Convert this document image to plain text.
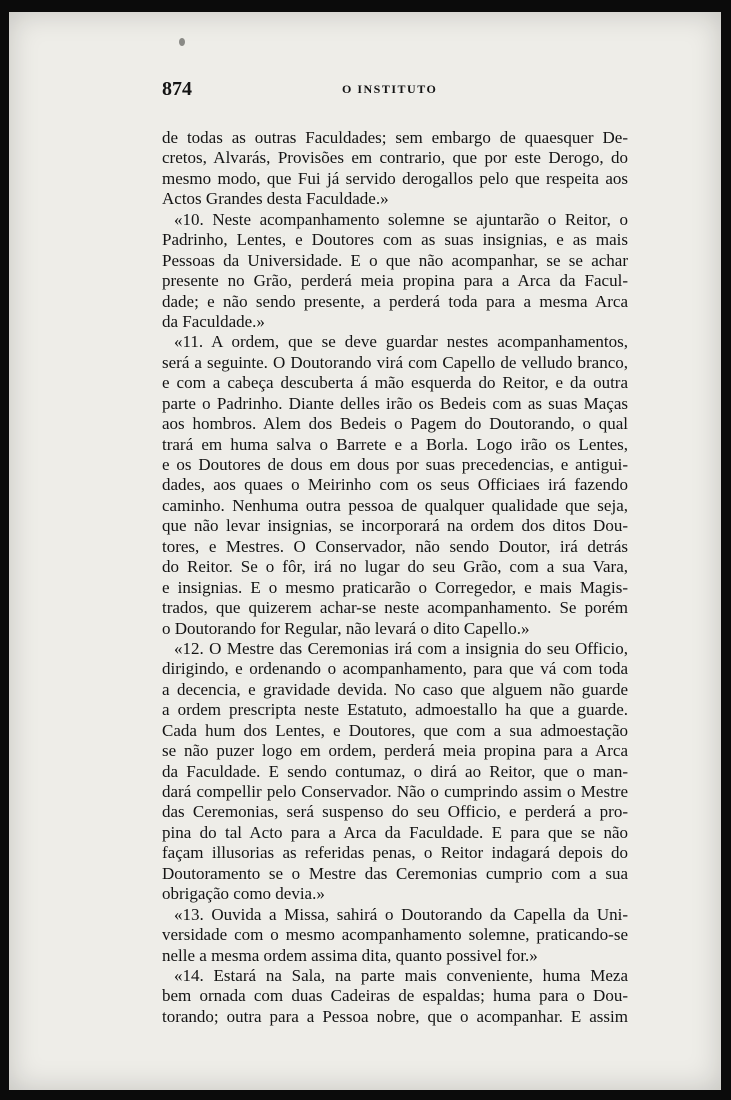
874	O INSTITUTO
de todas as outras Faculdades; sem embargo de quaesquer De-
cretos, Alvarás, Provisões em contrario, que por este Derogo, do
mesmo modo, que Fui já servido derogallos pelo que respeita aos
Actos Grandes desta Faculdade.»
«10. Neste acompanhamento solemne se ajuntarão o Reitor, o
Padrinho, Lentes, e Doutores com as suas insignias, e as mais
Pessoas da Universidade. E o que não acompanhar, se se achar
presente no Grão, perderá meia propina para a Arca da Facul-
dade; e não sendo presente, a perderá toda para a mesma Arca
da Faculdade.»
«11. A ordem, que se deve guardar nestes acompanhamentos,
será a seguinte. O Doutorando virá com Capello de velludo branco,
e com a cabeça descuberta á mão esquerda do Reitor, e da outra
parte o Padrinho. Diante delles irão os Bedeis com as suas Maças
aos hombros. Alem dos Bedeis o Pagem do Doutorando, o qual
trará em huma salva o Barrete e a Borla. Logo irão os Lentes,
e os Doutores de dous em dous por suas precedencias, e antigui-
dades, aos quaes o Meirinho com os seus Officiaes irá fazendo
caminho. Nenhuma outra pessoa de qualquer qualidade que seja,
que não levar insignias, se incorporará na ordem dos ditos Dou-
tores, e Mestres. O Conservador, não sendo Doutor, irá detrás
do Reitor. Se o fôr, irá no lugar do seu Grão, com a sua Vara,
e insignias. E o mesmo praticarão o Corregedor, e mais Magis-
trados, que quizerem achar-se neste acompanhamento. Se porém
o Doutorando for Regular, não levará o dito Capello.»
«12. O Mestre das Ceremonias irá com a insignia do seu Officio,
dirigindo, e ordenando o acompanhamento, para que vá com toda
a decencia, e gravidade devida. No caso que alguem não guarde
a ordem prescripta neste Estatuto, admoestallo ha que a guarde.
Cada hum dos Lentes, e Doutores, que com a sua admoestação
se não puzer logo em ordem, perderá meia propina para a Arca
da Faculdade. E sendo contumaz, o dirá ao Reitor, que o man-
dará compellir pelo Conservador. Não o cumprindo assim o Mestre
das Ceremonias, será suspenso do seu Officio, e perderá a pro-
pina do tal Acto para a Arca da Faculdade. E para que se não
façam illusorias as referidas penas, o Reitor indagará depois do
Doutoramento se o Mestre das Ceremonias cumprio com a sua
obrigação como devia.»
«13. Ouvida a Missa, sahirá o Doutorando da Capella da Uni-
versidade com o mesmo acompanhamento solemne, praticando-se
nelle a mesma ordem assima dita, quanto possivel for.»
«14. Estará na Sala, na parte mais conveniente, huma Meza
bem ornada com duas Cadeiras de espaldas; huma para o Dou-
torando; outra para a Pessoa nobre, que o acompanhar. E assim
